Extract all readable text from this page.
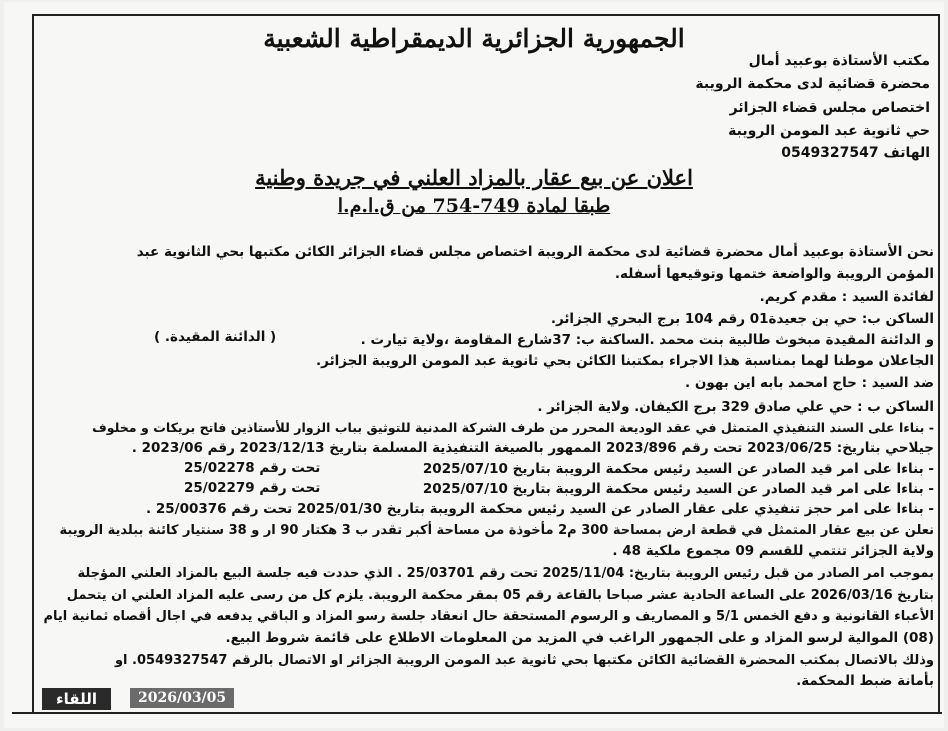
الجمهورية الجزائرية الديمقراطية الشعبية
مكتب الأستاذة بوعبيد أمال
محضرة قضائية لدى محكمة الرويبة
اختصاص مجلس قضاء الجزائر
حي ثانوية عبد المومن الرويبة
الهاتف 0549327547
اعلان عن بيع عقار بالمزاد العلني في جريدة وطنية
طبقا لمادة 749-754 من ق.ا.م.ا
نحن الأستاذة بوعبيد أمال محضرة قضائية لدى محكمة الرويبة اختصاص مجلس قضاء الجزائر الكائن مكتبها بحي الثانوية عبد
المؤمن الرويبة والواضعة ختمها وتوقيعها أسفله.
لفائدة السيد : مقدم كريم.
الساكن ب: حي بن جعيدة01 رقم 104 برج البحري الجزائر.
و الدائنة المقيدة مبخوث طالبية بنت محمد .الساكنة ب: 37شارع المقاومة ،ولاية تيارت .
( الدائنة المقيدة. )
الجاعلان موطنا لهما بمناسبة هذا الاجراء بمكتبنا الكائن بحي ثانوية عبد المومن الرويبة الجزائر.
ضد السيد : حاج امحمد بابه اين بهون .
الساكن ب : حي علي صادق 329 برج الكيفان. ولاية الجزائر .
- بناءا على السند التنفيذي المتمثل في عقد الوديعة المحرر من طرف الشركة المدنية للتوثيق بباب الزوار للأستاذين فاتح بريكات و مخلوف
جيلاحي بتاريخ: 2023/06/25 تحت رقم 2023/896 الممهور بالصيغة التنفيذية المسلمة بتاريخ 2023/12/13 رقم 2023/06 .
- بناءا على امر قيد الصادر عن السيد رئيس محكمة الرويبة بتاريخ 2025/07/10
تحت رقم 25/02278
- بناءا على امر قيد الصادر عن السيد رئيس محكمة الرويبة بتاريخ 2025/07/10
تحت رقم 25/02279
- بناءا على امر حجز تنفيذي على عقار الصادر عن السيد رئيس محكمة الرويبة بتاريخ 2025/01/30 تحت رقم 25/00376 .
نعلن عن بيع عقار المتمثل في قطعة ارض بمساحة 300 م2 مأخوذة من مساحة أكبر تقدر ب 3 هكتار 90 ار و 38 سنتيار كائنة ببلدية الرويبة
ولاية الجزائر تنتمي للقسم 09 مجموع ملكية 48 .
بموجب امر الصادر من قبل رئيس الرويبة بتاريخ: 2025/11/04 تحت رقم 25/03701 . الذي حددت فيه جلسة البيع بالمزاد العلني المؤجلة
بتاريخ 2026/03/16 على الساعة الحادية عشر صباحا بالقاعة رقم 05 بمقر محكمة الرويبة. يلزم كل من رسى عليه المزاد العلني ان يتحمل
الأعباء القانونية و دفع الخمس 5/1 و المصاريف و الرسوم المستحقة حال انعقاد جلسة رسو المزاد و الباقي يدفعه في اجال أقصاه ثمانية ايام
(08) الموالية لرسو المزاد و على الجمهور الراغب في المزيد من المعلومات الاطلاع على قائمة شروط البيع.
وذلك بالاتصال بمكتب المحضرة القضائية الكائن مكتبها بحي ثانوية عبد المومن الرويبة الجزائر او الاتصال بالرقم 0549327547. او
بأمانة ضبط المحكمة.
2026/03/05
اللقاء
